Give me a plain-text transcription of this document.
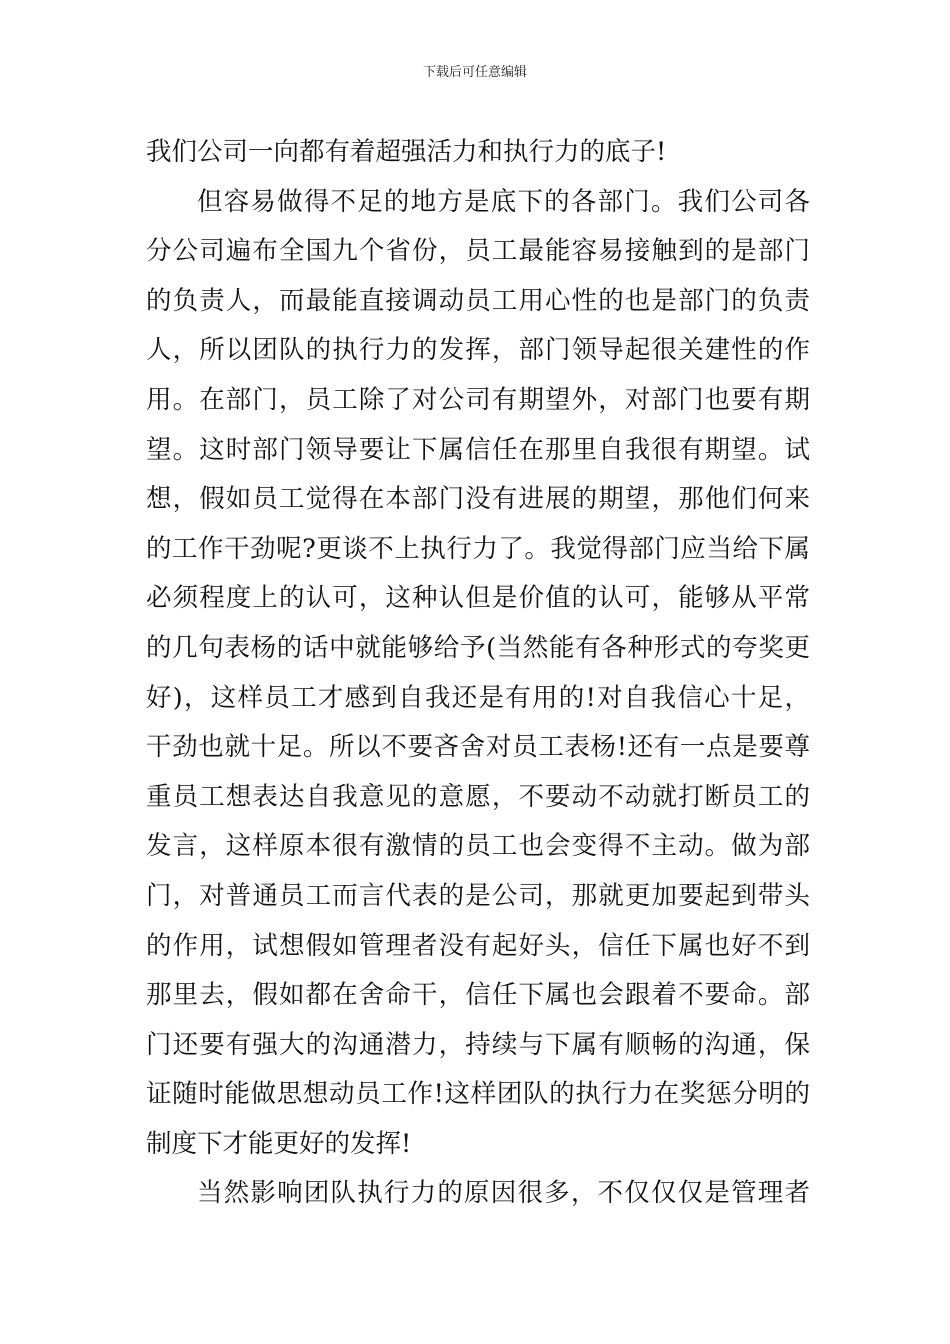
下载后可任意编辑
我们公司一向都有着超强活力和执行力的底子!
但容易做得不足的地方是底下的各部门。我们公司各
分公司遍布全国九个省份，员工最能容易接触到的是部门
的负责人，而最能直接调动员工用心性的也是部门的负责
人，所以团队的执行力的发挥，部门领导起很关建性的作
用。在部门，员工除了对公司有期望外，对部门也要有期
望。这时部门领导要让下属信任在那里自我很有期望。试
想，假如员工觉得在本部门没有进展的期望，那他们何来
的工作干劲呢?更谈不上执行力了。我觉得部门应当给下属
必须程度上的认可，这种认但是价值的认可，能够从平常
的几句表杨的话中就能够给予(当然能有各种形式的夸奖更
好)，这样员工才感到自我还是有用的!对自我信心十足，
干劲也就十足。所以不要吝舍对员工表杨!还有一点是要尊
重员工想表达自我意见的意愿，不要动不动就打断员工的
发言，这样原本很有激情的员工也会变得不主动。做为部
门，对普通员工而言代表的是公司，那就更加要起到带头
的作用，试想假如管理者没有起好头，信任下属也好不到
那里去，假如都在舍命干，信任下属也会跟着不要命。部
门还要有强大的沟通潜力，持续与下属有顺畅的沟通，保
证随时能做思想动员工作!这样团队的执行力在奖惩分明的
制度下才能更好的发挥!
当然影响团队执行力的原因很多，不仅仅仅是管理者
